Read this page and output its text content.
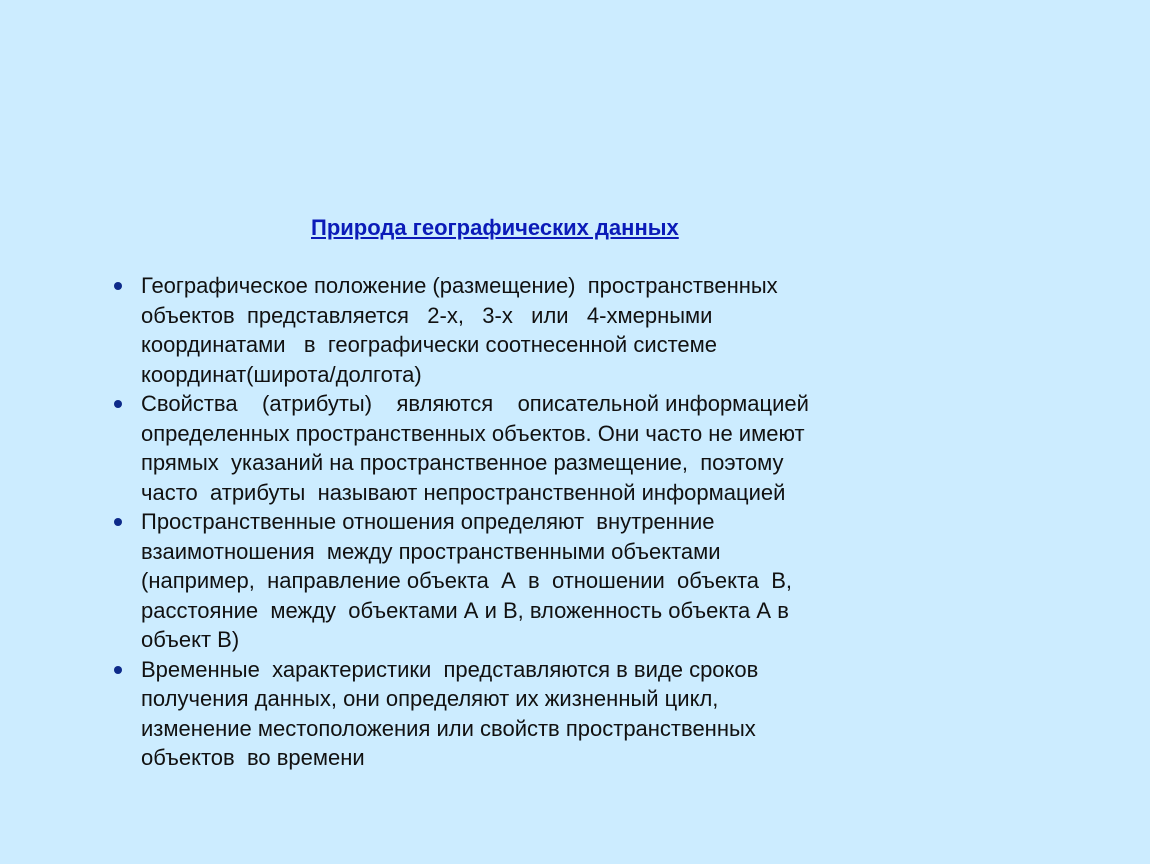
Природа географических данных
Географическое положение (размещение)  пространственных
объектов  представляется   2-х,   3-х   или   4-хмерными
координатами   в  географически соотнесенной системе
координат(широта/долгота)
Свойства    (атрибуты)    являются    описательной информацией
определенных пространственных объектов. Они часто не имеют
прямых  указаний на пространственное размещение,  поэтому
часто  атрибуты  называют непространственной информацией
Пространственные отношения определяют  внутренние
взаимотношения  между пространственными объектами
(например,  направление объекта  А  в  отношении  объекта  В,
расстояние  между  объектами А и В, вложенность объекта А в
объект В)
Временные  характеристики  представляются в виде сроков
получения данных, они определяют их жизненный цикл,
изменение местоположения или свойств пространственных
объектов  во времени
